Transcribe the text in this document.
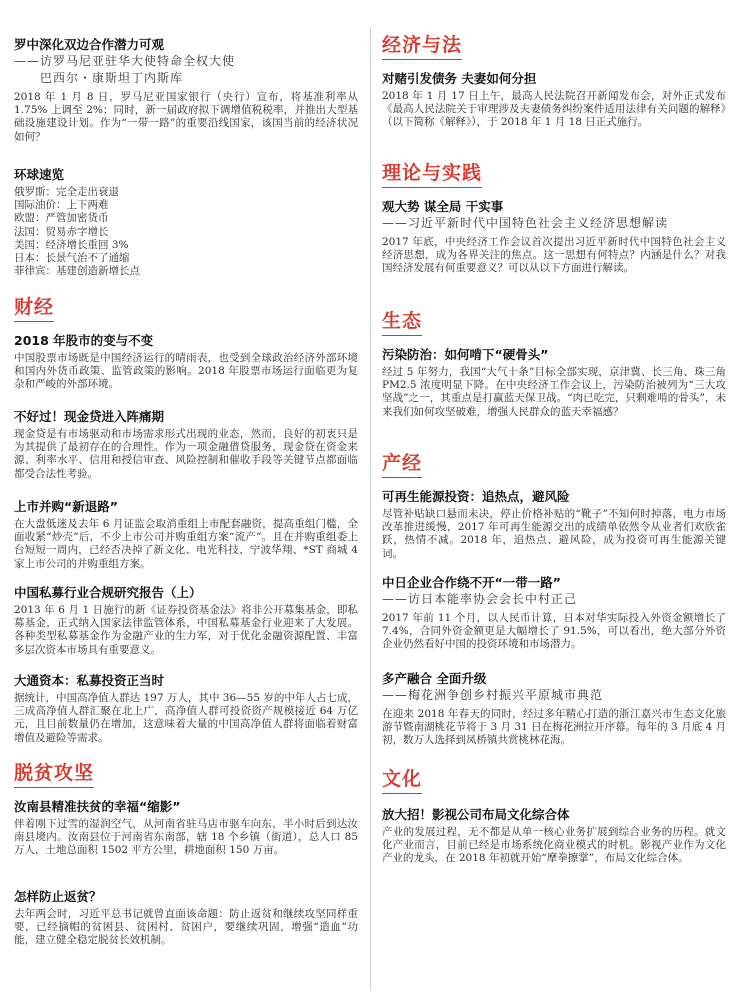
罗中深化双边合作潜力可观
——访罗马尼亚驻华大使特命全权大使
巴西尔・康斯坦丁内斯库
2018 年 1 月 8 日，罗马尼亚国家银行（央行）宣布，将基准利率从 1.75% 上调至 2%；同时，新一届政府拟下调增值税税率，并推出大型基础设施建设计划。作为“一带一路”的重要沿线国家，该国当前的经济状况如何？
环球速览
俄罗斯：完全走出衰退
国际油价：上下两难
欧盟：严管加密货币
法国：贸易赤字增长
美国：经济增长重回 3%
日本：长景气治不了通缩
菲律宾：基建创造新增长点
财经
2018 年股市的变与不变
中国股票市场既是中国经济运行的晴雨表，也受到全球政治经济外部环境和国内外货币政策、监管政策的影响。2018 年股票市场运行面临更为复杂和严峻的外部环境。
不好过！现金贷进入阵痛期
现金贷是有市场驱动和市场需求形式出现的业态，然而，良好的初衷只是为其提供了最初存在的合理性。作为一项金融借贷服务，现金贷在资金来源、利率水平、信用和授信审查、风险控制和催收手段等关键节点都面临都受合法性考验。
上市并购“新退路”
在大盘低迷及去年 6 月证监会取消重组上市配套融资，提高重组门槛，全面收紧“炒壳”后，不少上市公司并购重组方案“流产”。且在并购重组委上台短短一周内，已经否决掉了新文化、电光科技、宁波华翔、*ST 商城 4 家上市公司的并购重组方案。
中国私募行业合规研究报告（上）
2013 年 6 月 1 日施行的新《证券投资基金法》将非公开募集基金，即私募基金，正式纳入国家法律监管体系，中国私募基金行业迎来了大发展。各种类型私募基金作为金融产业的生力军，对于优化金融资源配置、丰富多层次资本市场具有重要意义。
大通资本：私募投资正当时
据统计，中国高净值人群达 197 万人，其中 36—55 岁的中年人占七成，三成高净值人群汇聚在北上广，高净值人群可投资资产规模接近 64 万亿元，且目前数量仍在增加，这意味着大量的中国高净值人群将面临着财富增值及避险等需求。
脱贫攻坚
汝南县精准扶贫的幸福“缩影”
伴着刚下过雪的湿润空气，从河南省驻马店市驱车向东，半小时后到达汝南县境内。汝南县位于河南省东南部，辖 18 个乡镇（街道），总人口 85 万人，土地总面积 1502 平方公里，耕地面积 150 万亩。
怎样防止返贫？
去年两会时，习近平总书记就曾直面该命题：防止返贫和继续攻坚同样重要，已经摘帽的贫困县、贫困村、贫困户，要继续巩固，增强“造血”功能，建立健全稳定脱贫长效机制。
经济与法
对赌引发债务 夫妻如何分担
2018 年 1 月 17 日上午，最高人民法院召开新闻发布会，对外正式发布《最高人民法院关于审理涉及夫妻债务纠纷案件适用法律有关问题的解释》（以下简称《解释》），于 2018 年 1 月 18 日正式施行。
理论与实践
观大势 谋全局 干实事
——习近平新时代中国特色社会主义经济思想解读
2017 年底，中央经济工作会议首次提出习近平新时代中国特色社会主义经济思想，成为各界关注的焦点。这一思想有何特点？内涵是什么？对我国经济发展有何重要意义？可以从以下方面进行解读。
生态
污染防治：如何啃下“硬骨头”
经过 5 年努力，我国“大气十条”目标全部实现，京津冀、长三角、珠三角 PM2.5 浓度明显下降。在中央经济工作会议上，污染防治被列为“三大攻坚战”之一，其重点是打赢蓝天保卫战。“肉已吃完，只剩难啃的骨头”，未来我们如何攻坚破难，增强人民群众的蓝天幸福感？
产经
可再生能源投资：追热点，避风险
尽管补贴缺口悬而未决，停止价格补贴的“靴子”不知何时掉落，电力市场改革推进缓慢，2017 年可再生能源交出的成绩单依然令从业者们欢欣雀跃，热情不减。2018 年，追热点、避风险，成为投资可再生能源关键词。
中日企业合作绕不开“一带一路”
——访日本能率协会会长中村正己
2017 年前 11 个月，以人民币计算，日本对华实际投入外资金额增长了 7.4%，合同外资金额更是大幅增长了 91.5%，可以看出，绝大部分外资企业仍然看好中国的投资环境和市场潜力。
多产融合 全面升级
——梅花洲争创乡村振兴平原城市典范
在迎来 2018 年春天的同时，经过多年精心打造的浙江嘉兴市生态文化旅游节暨南湖桃花节将于 3 月 31 日在梅花洲拉开序幕。每年的 3 月底 4 月初，数万人选择到凤桥镇共赏桃林花海。
文化
放大招！影视公司布局文化综合体
产业的发展过程，无不都是从单一核心业务扩展到综合业务的历程。就文化产业而言，目前已经是市场系统化商业模式的时机。影视产业作为文化产业的龙头，在 2018 年初就开始“摩拳擦掌”，布局文化综合体。
